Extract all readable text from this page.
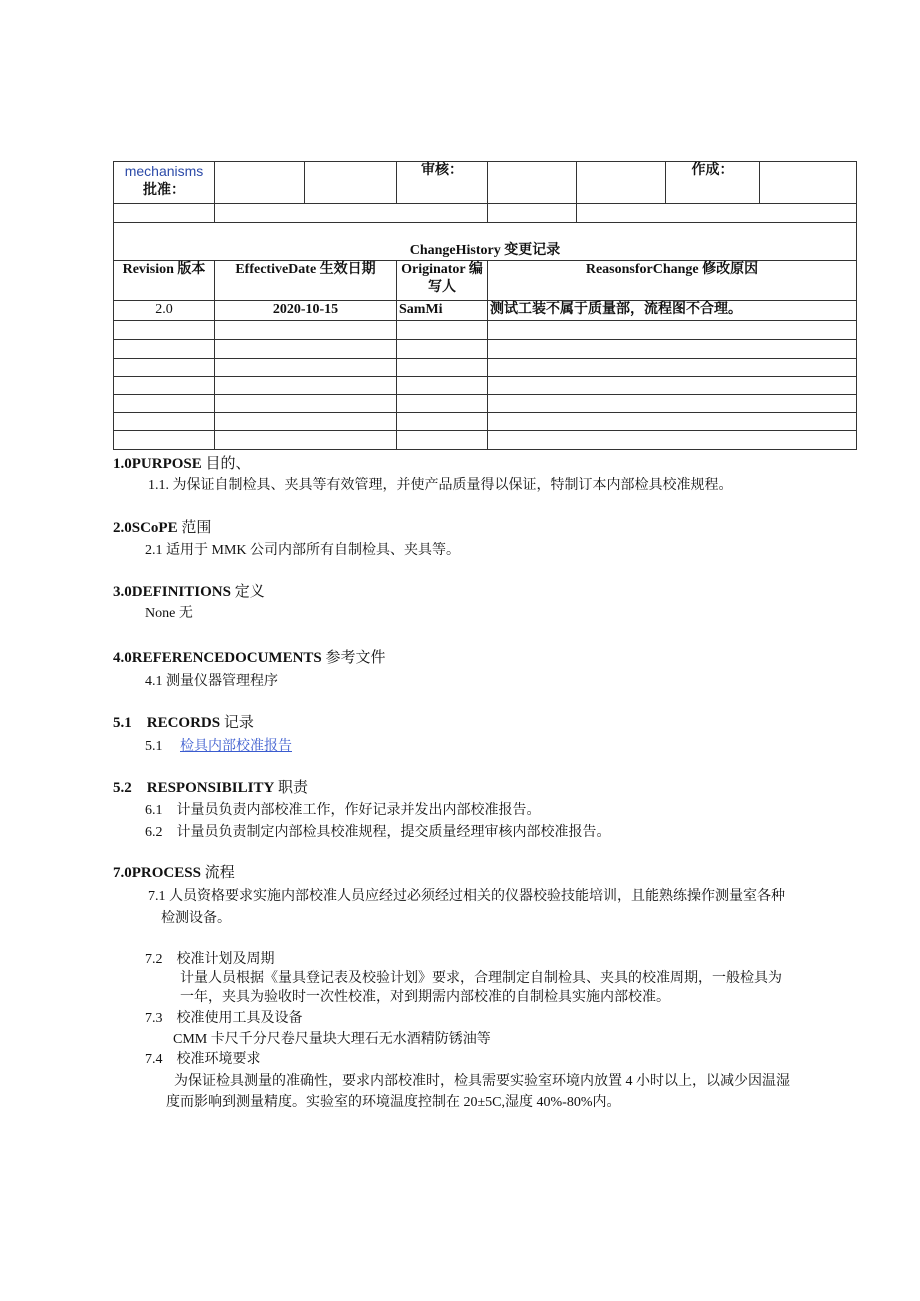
mechanisms 批准：			审核：			作成：	

ChangeHistory 变更记录							
Revision 版本	EffectiveDate 生效日期		Originator 编写人	ReasonsforChange 修改原因			
2.0	2020-10-15		SamMi	测试工装不属于质量部，流程图不合理。			

1.0PURPOSE 目的、
1.1. 为保证自制检具、夹具等有效管理，并使产品质量得以保证，特制订本内部检具校准规程。
2.0SCoPE 范围
2.1 适用于 MMK 公司内部所有自制检具、夹具等。
3.0DEFINITIONS 定义
None 无
4.0REFERENCEDOCUMENTS 参考文件
4.1 测量仪器管理程序
5.1　RECORDS 记录
5.1　 检具内部校准报告
5.2　RESPONSIBILITY 职责
6.1　计量员负责内部校准工作，作好记录并发出内部校准报告。
6.2　计量员负责制定内部检具校准规程，提交质量经理审核内部校准报告。
7.0PROCESS 流程
7.1 人员资格要求实施内部校准人员应经过必须经过相关的仪器校验技能培训，且能熟练操作测量室各种
检测设备。
7.2　校准计划及周期
计量人员根据《量具登记表及校验计划》要求，合理制定自制检具、夹具的校准周期，一般检具为
一年，夹具为验收时一次性校准，对到期需内部校准的自制检具实施内部校准。
7.3　校准使用工具及设备
CMM 卡尺千分尺卷尺量块大理石无水酒精防锈油等
7.4　校准环境要求
为保证检具测量的准确性，要求内部校准时，检具需要实验室环境内放置 4 小时以上，以减少因温湿
度而影响到测量精度。实验室的环境温度控制在 20±5C,湿度 40%-80%内。
